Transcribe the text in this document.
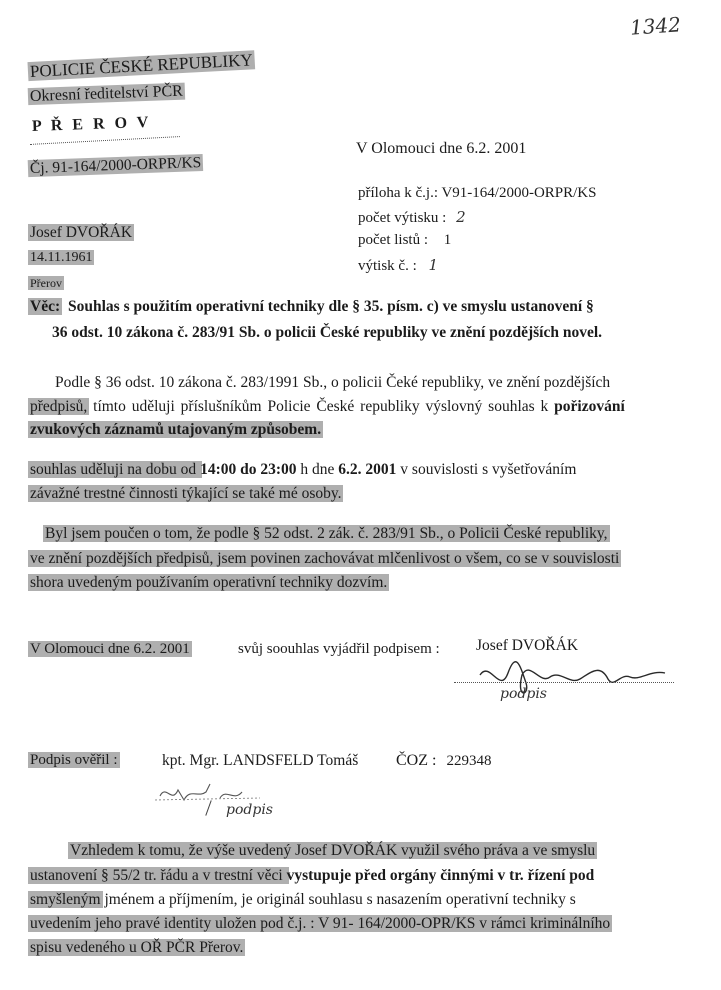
1342
POLICIE ČESKÉ REPUBLIKY
Okresní ředitelství PČR
P Ř E R O V
Čj. 91-164/2000-ORPR/KS
V Olomouci dne 6.2. 2001
příloha k č.j.: V91-164/2000-ORPR/KS
počet výtisku : 2
počet listů : 1
výtisk č. : 1
Josef DVOŘÁK
14.11.1961
Přerov
Věc: Souhlas s použitím operativní techniky dle § 35. písm. c) ve smyslu ustanovení §
36 odst. 10 zákona č. 283/91 Sb. o policii České republiky ve znění pozdějších novel.
Podle § 36 odst. 10 zákona č. 283/1991 Sb., o policii Čeké republiky, ve znění pozdějších
předpisů, tímto uděluji příslušníkům Policie České republiky výslovný souhlas k pořizování
zvukových záznamů utajovaným způsobem.
souhlas uděluji na dobu od 14:00 do 23:00 h dne 6.2. 2001 v souvislosti s vyšetřováním
závažné trestné činnosti týkající se také mé osoby.
Byl jsem poučen o tom, že podle § 52 odst. 2 zák. č. 283/91 Sb., o Policii České republiky,
ve znění pozdějších předpisů, jsem povinen zachovávat mlčenlivost o všem, co se v souvislosti
shora uvedeným používaním operativní techniky dozvím.
V Olomouci dne 6.2. 2001	svůj soouhlas vyjádřil podpisem : Josef DVOŘÁK
podpis
Podpis ověřil :	kpt. Mgr. LANDSFELD Tomáš ČOZ : 229348
podpis
Vzhledem k tomu, že výše uvedený Josef DVOŘÁK využil svého práva a ve smyslu
ustanovení § 55/2 tr. řádu a v trestní věci vystupuje před orgány činnými v tr. řízení pod
smyšleným jménem a příjmením, je originál souhlasu s nasazením operativní techniky s
uvedením jeho pravé identity uložen pod č.j. : V 91- 164/2000-OPR/KS v rámci kriminálního
spisu vedeného u OŘ PČR Přerov.
